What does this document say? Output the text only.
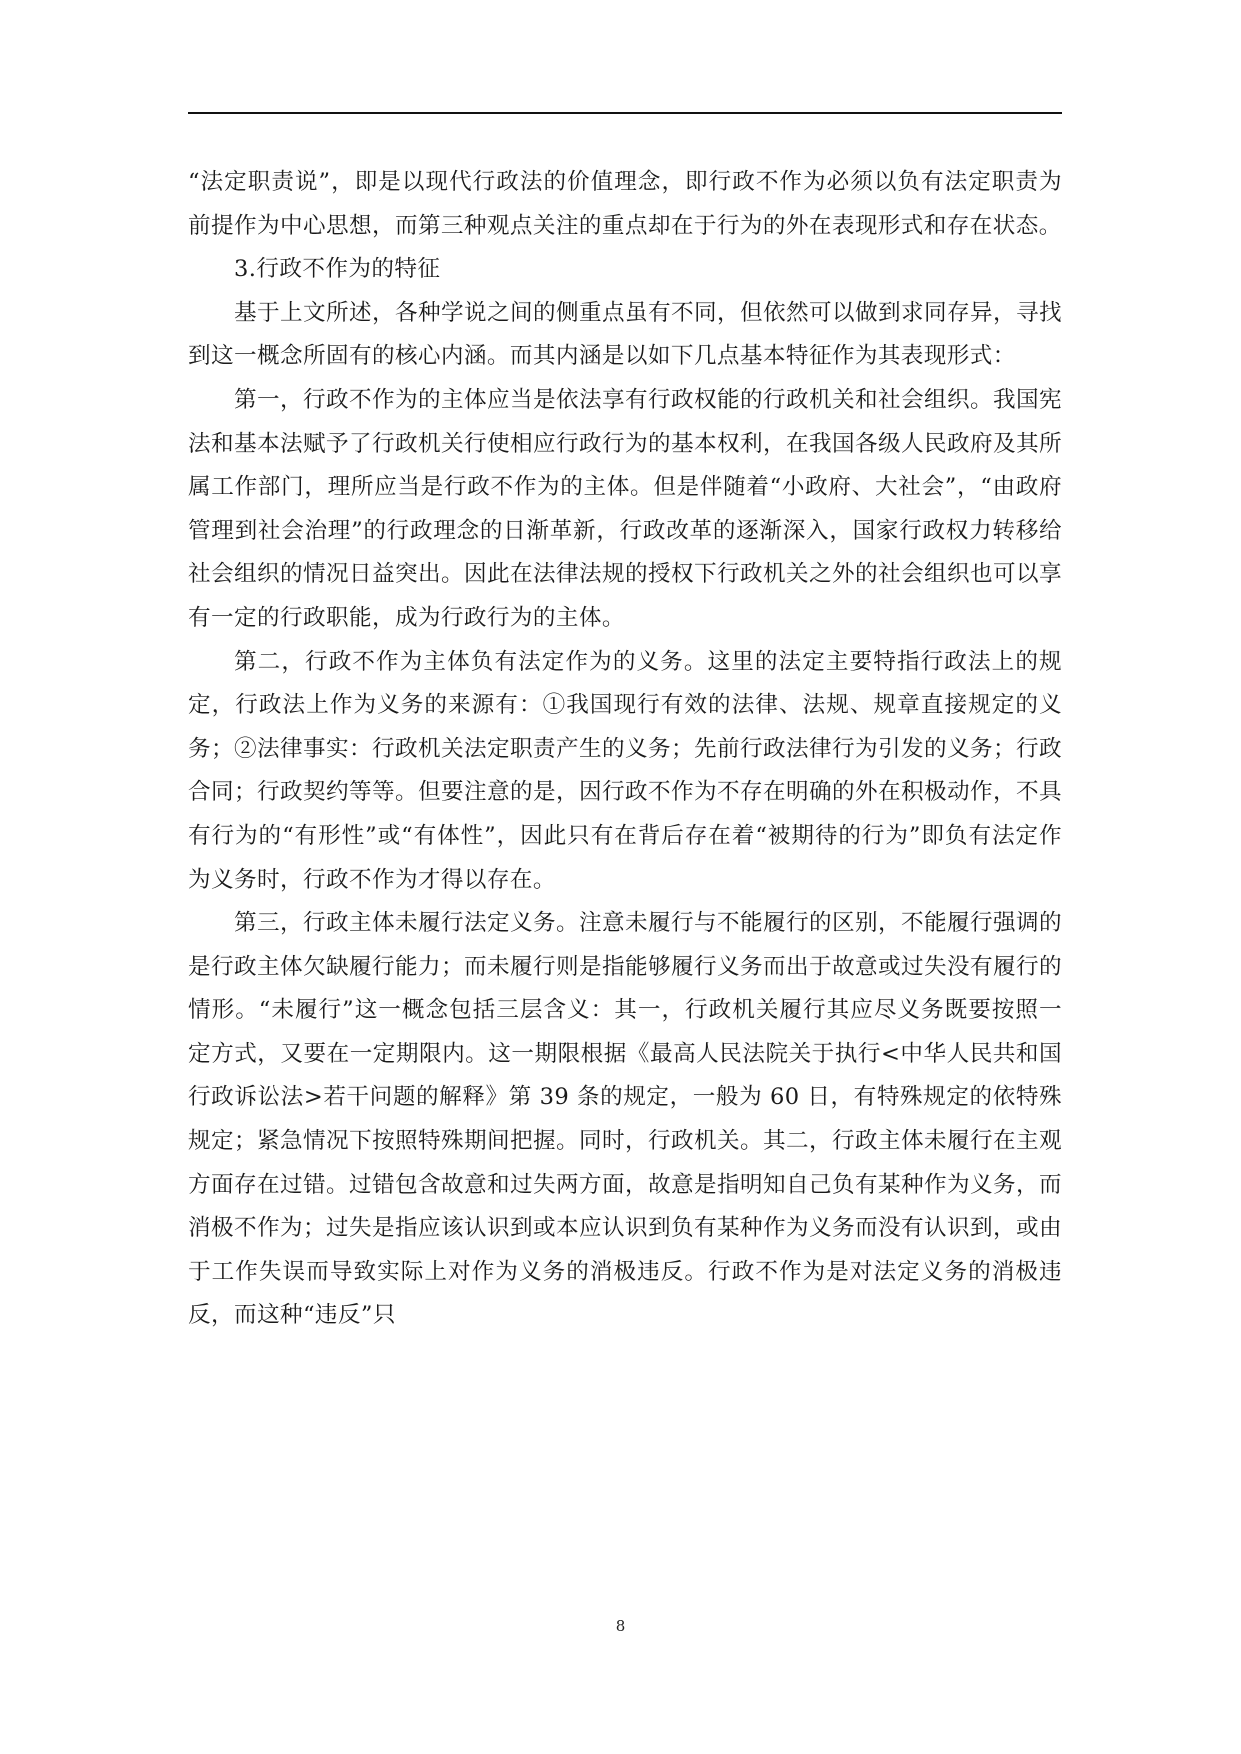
“法定职责说”，即是以现代行政法的价值理念，即行政不作为必须以负有法定职责为前提作为中心思想，而第三种观点关注的重点却在于行为的外在表现形式和存在状态。

3.行政不作为的特征

基于上文所述，各种学说之间的侧重点虽有不同，但依然可以做到求同存异，寻找到这一概念所固有的核心内涵。而其内涵是以如下几点基本特征作为其表现形式：

第一，行政不作为的主体应当是依法享有行政权能的行政机关和社会组织。我国宪法和基本法赋予了行政机关行使相应行政行为的基本权利，在我国各级人民政府及其所属工作部门，理所应当是行政不作为的主体。但是伴随着“小政府、大社会”，“由政府管理到社会治理”的行政理念的日渐革新，行政改革的逐渐深入，国家行政权力转移给社会组织的情况日益突出。因此在法律法规的授权下行政机关之外的社会组织也可以享有一定的行政职能，成为行政行为的主体。

第二，行政不作为主体负有法定作为的义务。这里的法定主要特指行政法上的规定，行政法上作为义务的来源有：①我国现行有效的法律、法规、规章直接规定的义务；②法律事实：行政机关法定职责产生的义务；先前行政法律行为引发的义务；行政合同；行政契约等等。但要注意的是，因行政不作为不存在明确的外在积极动作，不具有行为的“有形性”或“有体性”，因此只有在背后存在着“被期待的行为”即负有法定作为义务时，行政不作为才得以存在。

第三，行政主体未履行法定义务。注意未履行与不能履行的区别，不能履行强调的是行政主体欠缺履行能力；而未履行则是指能够履行义务而出于故意或过失没有履行的情形。“未履行”这一概念包括三层含义：其一，行政机关履行其应尽义务既要按照一定方式，又要在一定期限内。这一期限根据《最高人民法院关于执行<中华人民共和国行政诉讼法>若干问题的解释》第 39 条的规定，一般为 60 日，有特殊规定的依特殊规定；紧急情况下按照特殊期间把握。同时，行政机关。其二，行政主体未履行在主观方面存在过错。过错包含故意和过失两方面，故意是指明知自己负有某种作为义务，而消极不作为；过失是指应该认识到或本应认识到负有某种作为义务而没有认识到，或由于工作失误而导致实际上对作为义务的消极违反。行政不作为是对法定义务的消极违反，而这种“违反”只

8
